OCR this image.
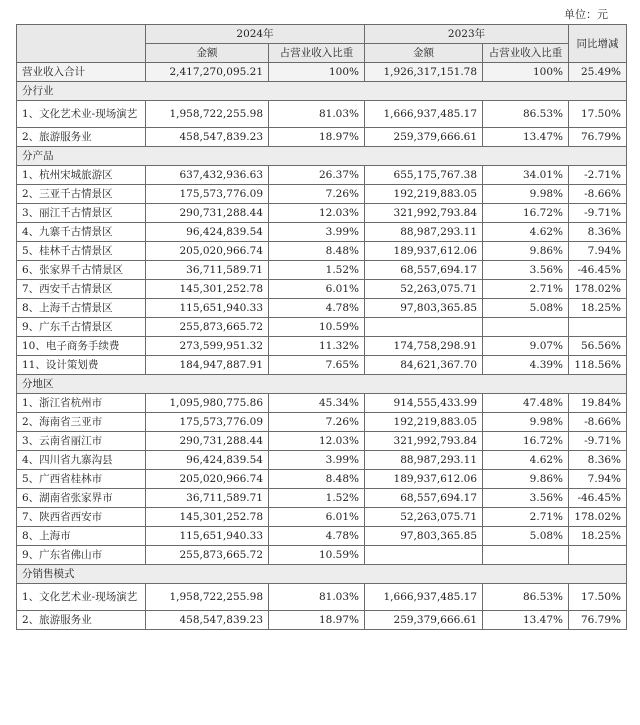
单位：元
	2024年		2023年		同比增减
	金额	占营业收入比重	金额	占营业收入比重	
营业收入合计	2,417,270,095.21	100%	1,926,317,151.78	100%	25.49%
分行业					
1、文化艺术业-现场演艺	1,958,722,255.98	81.03%	1,666,937,485.17	86.53%	17.50%
2、旅游服务业	458,547,839.23	18.97%	259,379,666.61	13.47%	76.79%
分产品					
1、杭州宋城旅游区	637,432,936.63	26.37%	655,175,767.38	34.01%	-2.71%
2、三亚千古情景区	175,573,776.09	7.26%	192,219,883.05	9.98%	-8.66%
3、丽江千古情景区	290,731,288.44	12.03%	321,992,793.84	16.72%	-9.71%
4、九寨千古情景区	96,424,839.54	3.99%	88,987,293.11	4.62%	8.36%
5、桂林千古情景区	205,020,966.74	8.48%	189,937,612.06	9.86%	7.94%
6、张家界千古情景区	36,711,589.71	1.52%	68,557,694.17	3.56%	-46.45%
7、西安千古情景区	145,301,252.78	6.01%	52,263,075.71	2.71%	178.02%
8、上海千古情景区	115,651,940.33	4.78%	97,803,365.85	5.08%	18.25%
9、广东千古情景区	255,873,665.72	10.59%			
10、电子商务手续费	273,599,951.32	11.32%	174,758,298.91	9.07%	56.56%
11、设计策划费	184,947,887.91	7.65%	84,621,367.70	4.39%	118.56%
分地区					
1、浙江省杭州市	1,095,980,775.86	45.34%	914,555,433.99	47.48%	19.84%
2、海南省三亚市	175,573,776.09	7.26%	192,219,883.05	9.98%	-8.66%
3、云南省丽江市	290,731,288.44	12.03%	321,992,793.84	16.72%	-9.71%
4、四川省九寨沟县	96,424,839.54	3.99%	88,987,293.11	4.62%	8.36%
5、广西省桂林市	205,020,966.74	8.48%	189,937,612.06	9.86%	7.94%
6、湖南省张家界市	36,711,589.71	1.52%	68,557,694.17	3.56%	-46.45%
7、陕西省西安市	145,301,252.78	6.01%	52,263,075.71	2.71%	178.02%
8、上海市	115,651,940.33	4.78%	97,803,365.85	5.08%	18.25%
9、广东省佛山市	255,873,665.72	10.59%			
分销售模式					
1、文化艺术业-现场演艺	1,958,722,255.98	81.03%	1,666,937,485.17	86.53%	17.50%
2、旅游服务业	458,547,839.23	18.97%	259,379,666.61	13.47%	76.79%
